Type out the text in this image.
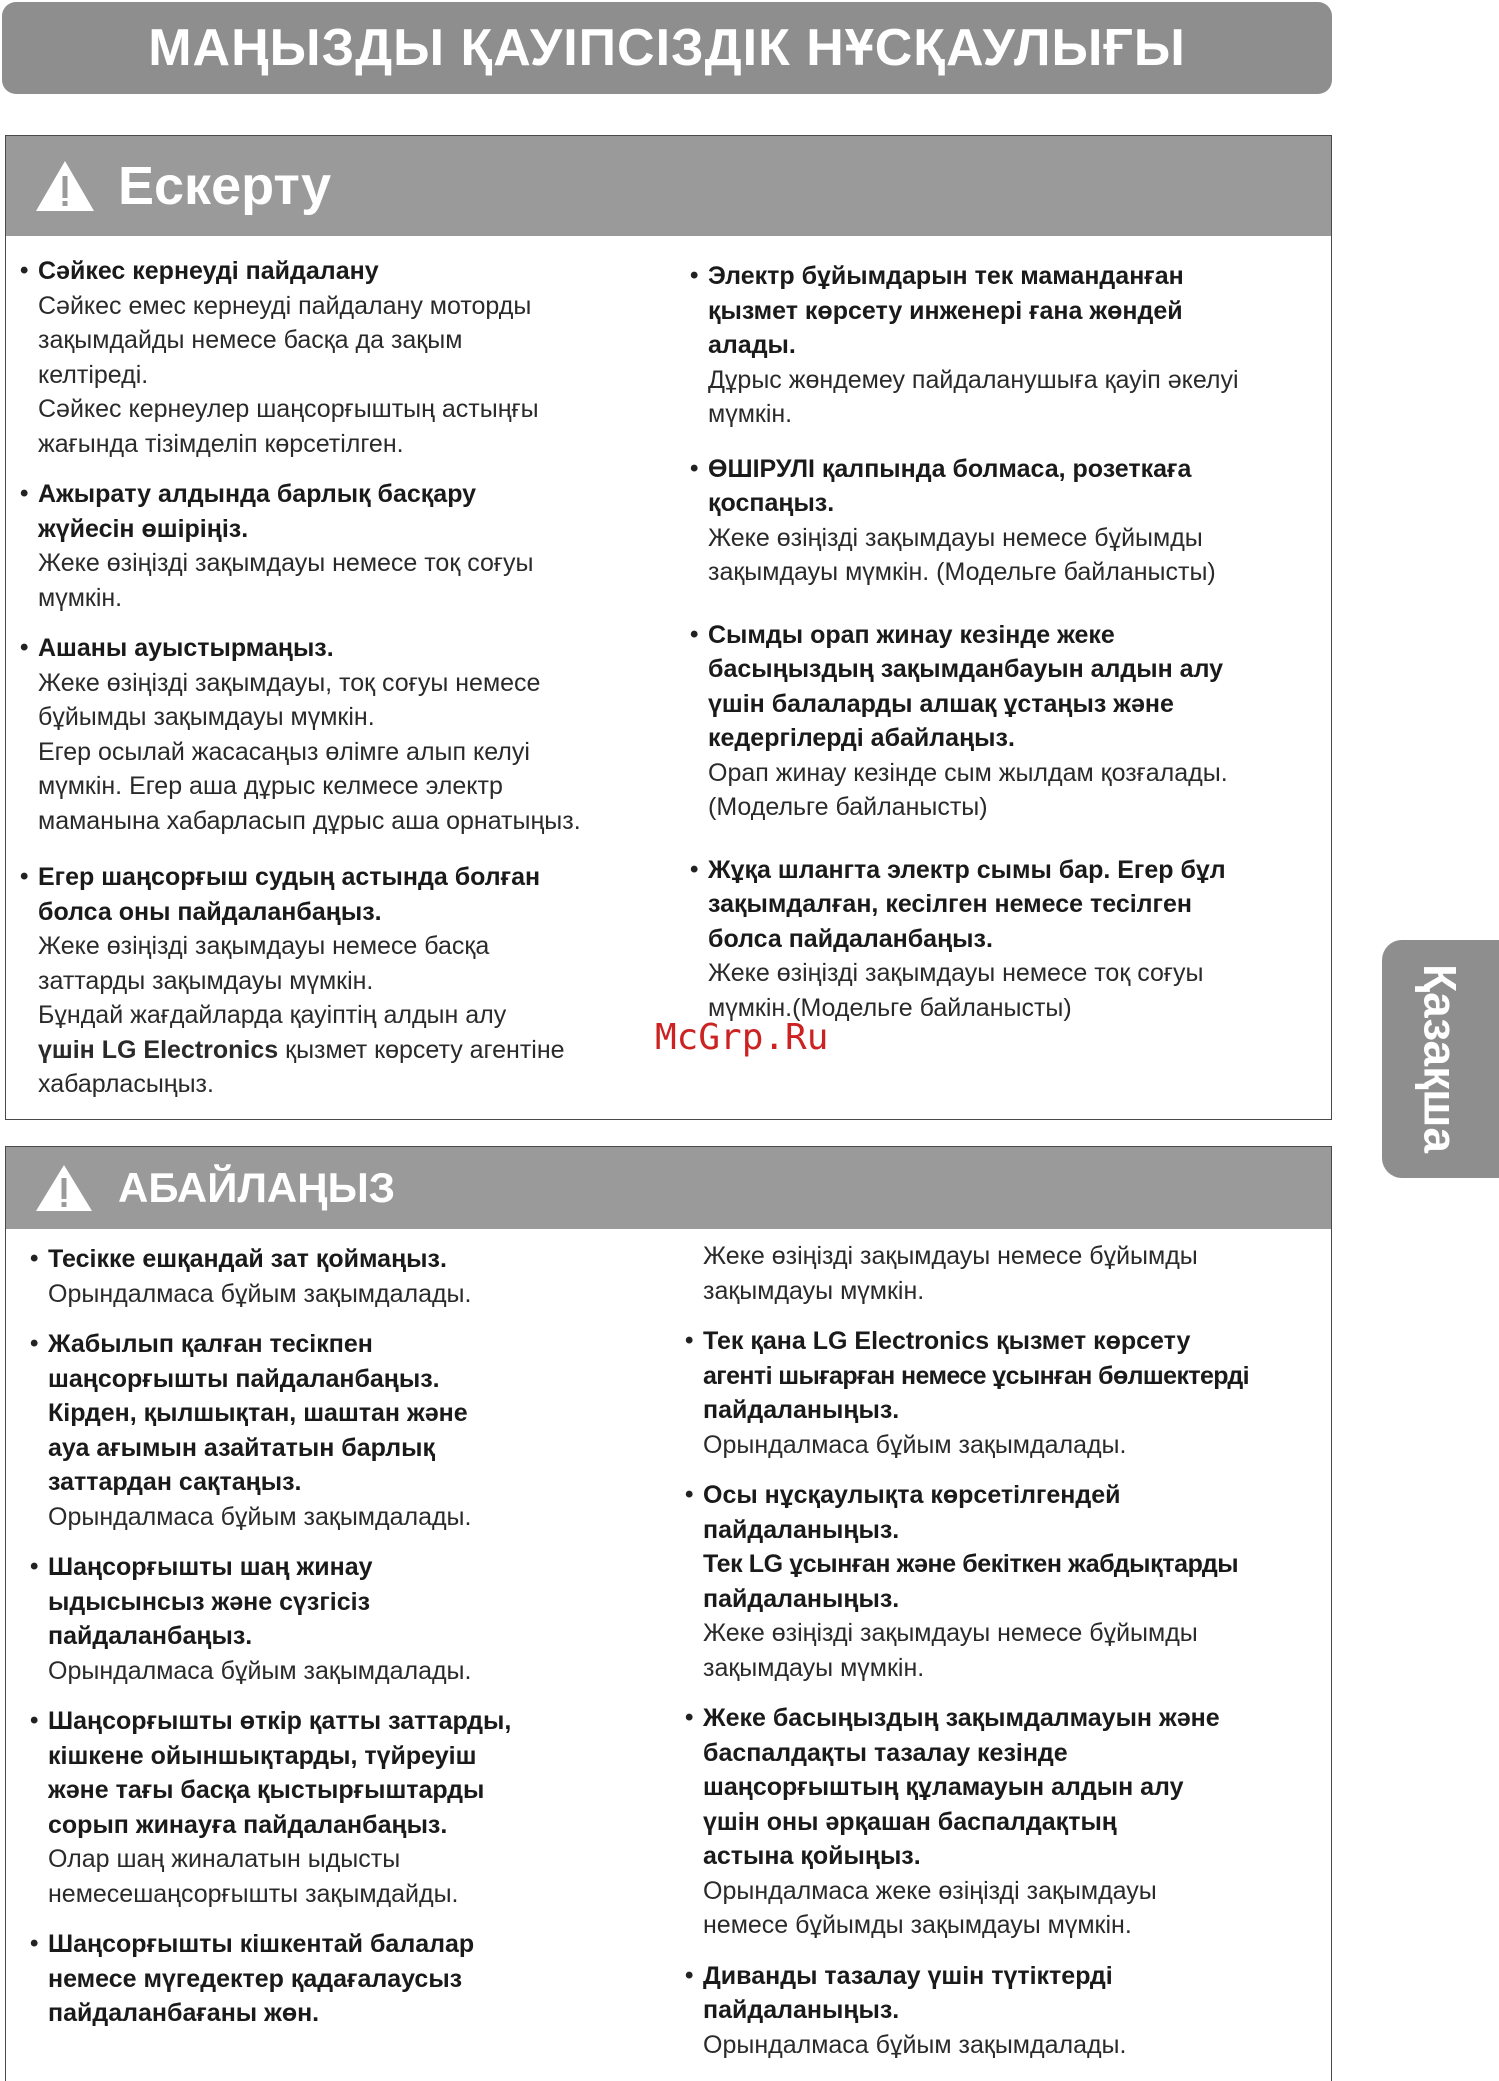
МАҢЫЗДЫ ҚАУІПСІЗДІК НҰСҚАУЛЫҒЫ
Ескерту
• Сәйкес кернеуді пайдалану
Сәйкес емес кернеуді пайдалану моторды
зақымдайды немесе басқа да зақым
келтіреді.
Сәйкес кернеулер шаңсорғыштың астыңғы
жағында тізімделіп көрсетілген.
• Ажырату алдында барлық басқару
жүйесін өшіріңіз.
Жеке өзіңізді зақымдауы немесе тоқ соғуы
мүмкін.
• Ашаны ауыстырмаңыз.
Жеке өзіңізді зақымдауы, тоқ соғуы немесе
бұйымды зақымдауы мүмкін.
Егер осылай жасасаңыз өлімге алып келуі
мүмкін. Егер аша дұрыс келмесе электр
маманына хабарласып дұрыс аша орнатыңыз.
• Егер шаңсорғыш судың астында болған
болса оны пайдаланбаңыз.
Жеке өзіңізді зақымдауы немесе басқа
заттарды зақымдауы мүмкін.
Бұндай жағдайларда қауіптің алдын алу
үшін LG Electronics қызмет көрсету агентіне
хабарласыңыз.
• Электр бұйымдарын тек маманданған
қызмет көрсету инженері ғана жөндей
алады.
Дұрыс жөндемеу пайдаланушыға қауіп әкелуі
мүмкін.
• ӨШІРУЛІ қалпында болмаса, розеткаға
қоспаңыз.
Жеке өзіңізді зақымдауы немесе бұйымды
зақымдауы мүмкін. (Модельге байланысты)
• Сымды орап жинау кезінде жеке
басыңыздың зақымданбауын алдын алу
үшін балаларды алшақ ұстаңыз және
кедергілерді абайлаңыз.
Орап жинау кезінде сым жылдам қозғалады.
(Модельге байланысты)
• Жұқа шлангта электр сымы бар. Егер бұл
зақымдалған, кесілген немесе тесілген
болса пайдаланбаңыз.
Жеке өзіңізді зақымдауы немесе тоқ соғуы
мүмкін.(Модельге байланысты)
McGrp.Ru
АБАЙЛАҢЫЗ
• Тесікке ешқандай зат қоймаңыз.
Орындалмаса бұйым зақымдалады.
• Жабылып қалған тесікпен
шаңсорғышты пайдаланбаңыз.
Кірден, қылшықтан, шаштан және
ауа ағымын азайтатын барлық
заттардан сақтаңыз.
Орындалмаса бұйым зақымдалады.
• Шаңсорғышты шаң жинау
ыдысынсыз және сүзгісіз
пайдаланбаңыз.
Орындалмаса бұйым зақымдалады.
• Шаңсорғышты өткір қатты заттарды,
кішкене ойыншықтарды, түйреуіш
және тағы басқа қыстырғыштарды
сорып жинауға пайдаланбаңыз.
Олар шаң жиналатын ыдысты
немесешаңсорғышты зақымдайды.
• Шаңсорғышты кішкентай балалар
немесе мүгедектер қадағалаусыз
пайдаланбағаны жөн.
Жеке өзіңізді зақымдауы немесе бұйымды
зақымдауы мүмкін.
• Тек қана LG Electronics қызмет көрсету
агенті шығарған немесе ұсынған бөлшектерді
пайдаланыңыз.
Орындалмаса бұйым зақымдалады.
• Осы нұсқаулықта көрсетілгендей
пайдаланыңыз.
Тек LG ұсынған және бекіткен жабдықтарды
пайдаланыңыз.
Жеке өзіңізді зақымдауы немесе бұйымды
зақымдауы мүмкін.
• Жеке басыңыздың зақымдалмауын және
баспалдақты тазалау кезінде
шаңсорғыштың құламауын алдын алу
үшін оны әрқашан баспалдақтың
астына қойыңыз.
Орындалмаса жеке өзіңізді зақымдауы
немесе бұйымды зақымдауы мүмкін.
• Диванды тазалау үшін түтіктерді
пайдаланыңыз.
Орындалмаса бұйым зақымдалады.
Қазақша
